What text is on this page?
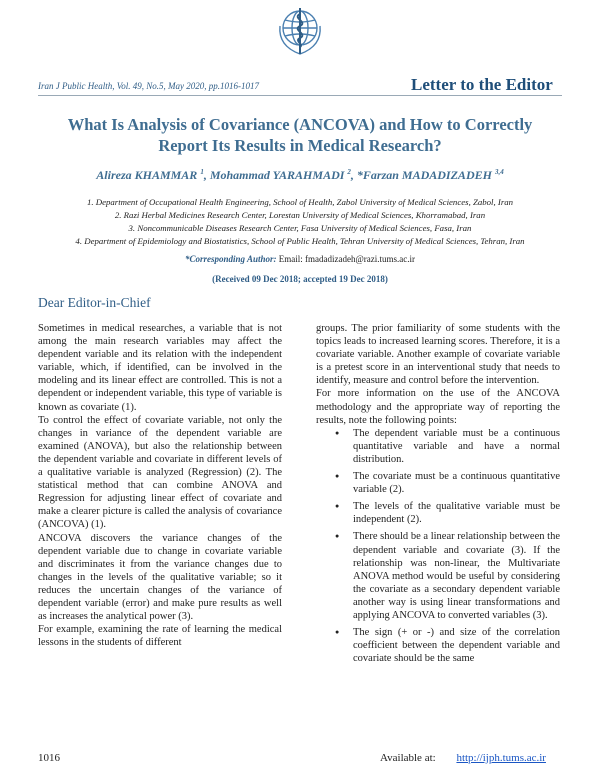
Iran J Public Health, Vol. 49, No.5, May 2020, pp.1016-1017	Letter to the Editor
What Is Analysis of Covariance (ANCOVA) and How to Correctly Report Its Results in Medical Research?
Alireza KHAMMAR $^1$, Mohammad YARAHMADI $^2$, *Farzan MADADIZADEH $^{3,4}$
1. Department of Occupational Health Engineering, School of Health, Zabol University of Medical Sciences, Zabol, Iran
2. Razi Herbal Medicines Research Center, Lorestan University of Medical Sciences, Khorramabad, Iran
3. Noncommunicable Diseases Research Center, Fasa University of Medical Sciences, Fasa, Iran
4. Department of Epidemiology and Biostatistics, School of Public Health, Tehran University of Medical Sciences, Tehran, Iran
*Corresponding Author: Email: fmadadizadeh@razi.tums.ac.ir
(Received 09 Dec 2018; accepted 19 Dec 2018)
Dear Editor-in-Chief

Sometimes in medical researches, a variable that is not among the main research variables may affect the dependent variable and its relation with the independent variable, which, if identified, can be involved in the modeling and its linear effect are controlled. This is not a dependent or independent variable, this type of variable is known as covariate (1).

To control the effect of covariate variable, not only the changes in variance of the dependent variable are examined (ANOVA), but also the relationship between the dependent variable and covariate in different levels of a qualitative variable is analyzed (Regression) (2). The statistical method that can combine ANOVA and Regression for adjusting linear effect of covariate and make a clearer picture is called the analysis of covariance (ANCOVA) (1).

ANCOVA discovers the variance changes of the dependent variable due to change in covariate variable and discriminates it from the variance changes due to changes in the levels of the qualitative variable; so it reduces the uncertain changes of the variance of dependent variable (error) and make pure results as well as increases the analytical power (3).

For example, examining the rate of learning the medical lessons in the students of different

groups. The prior familiarity of some students with the topics leads to increased learning scores. Therefore, it is a covariate variable. Another example of covariate variable is a pretest score in an interventional study that needs to identify, measure and control before the intervention.

For more information on the use of the ANCOVA methodology and the appropriate way of reporting the results, note the following points:

● The dependent variable must be a continuous quantitative variable and have a normal distribution.
● The covariate must be a continuous quantitative variable (2).
● The levels of the qualitative variable must be independent (2).
● There should be a linear relationship between the dependent variable and covariate (3). If the relationship was non-linear, the Multivariate ANOVA method would be useful by considering the covariate as a secondary dependent variable another way is using linear transformations and applying ANCOVA to converted variables (3).
● The sign (+ or -) and size of the correlation coefficient between the dependent variable and covariate should be the same
1016	Available at: http://ijph.tums.ac.ir
